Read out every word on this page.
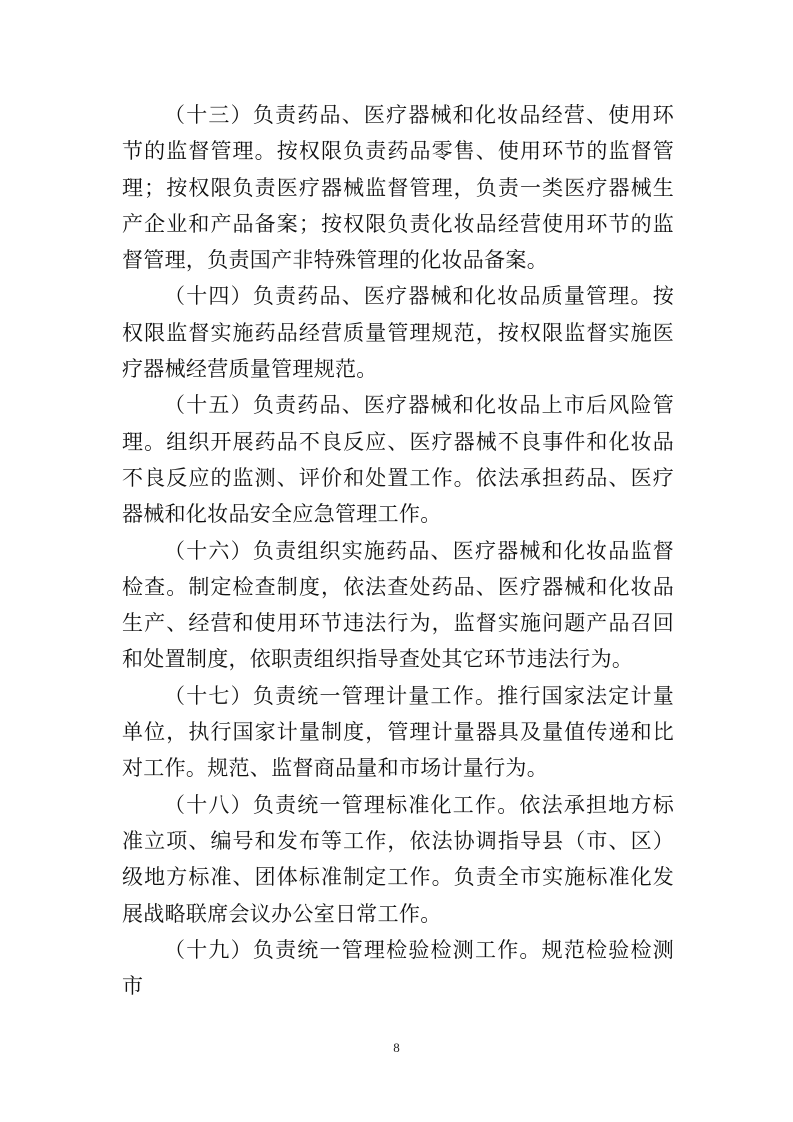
（十三）负责药品、医疗器械和化妆品经营、使用环节的监督管理。按权限负责药品零售、使用环节的监督管理；按权限负责医疗器械监督管理，负责一类医疗器械生产企业和产品备案；按权限负责化妆品经营使用环节的监督管理，负责国产非特殊管理的化妆品备案。

（十四）负责药品、医疗器械和化妆品质量管理。按权限监督实施药品经营质量管理规范，按权限监督实施医疗器械经营质量管理规范。

（十五）负责药品、医疗器械和化妆品上市后风险管理。组织开展药品不良反应、医疗器械不良事件和化妆品不良反应的监测、评价和处置工作。依法承担药品、医疗器械和化妆品安全应急管理工作。

（十六）负责组织实施药品、医疗器械和化妆品监督检查。制定检查制度，依法查处药品、医疗器械和化妆品生产、经营和使用环节违法行为，监督实施问题产品召回和处置制度，依职责组织指导查处其它环节违法行为。

（十七）负责统一管理计量工作。推行国家法定计量单位，执行国家计量制度，管理计量器具及量值传递和比对工作。规范、监督商品量和市场计量行为。

（十八）负责统一管理标准化工作。依法承担地方标准立项、编号和发布等工作，依法协调指导县（市、区）级地方标准、团体标准制定工作。负责全市实施标准化发展战略联席会议办公室日常工作。

（十九）负责统一管理检验检测工作。规范检验检测市

8
